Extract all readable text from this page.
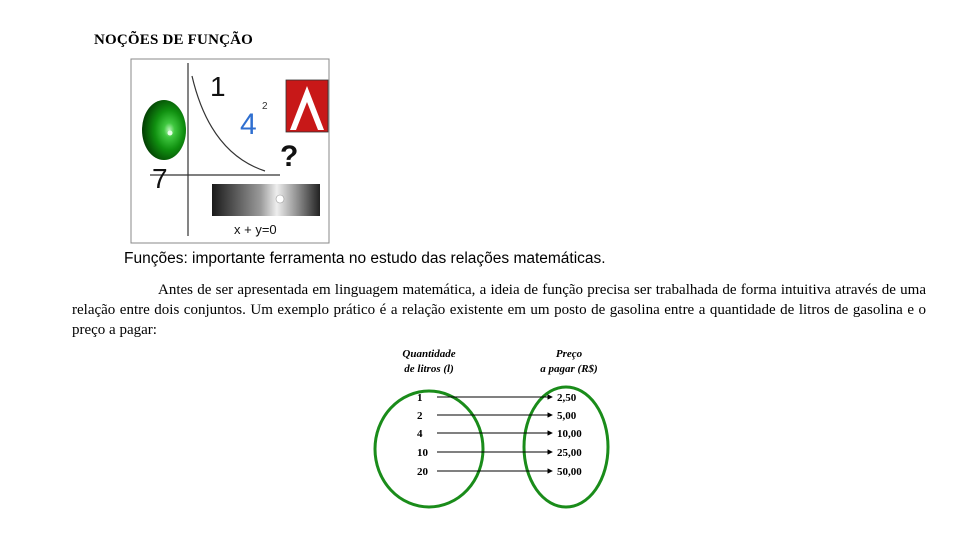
NOÇÕES DE FUNÇÃO
1
4
2
?
7
x + y=0
Funções: importante ferramenta no estudo das relações matemáticas.
Antes de ser apresentada em linguagem matemática, a ideia de função precisa ser trabalhada de forma intuitiva através de uma relação entre dois conjuntos. Um exemplo prático é a relação existente em um posto de gasolina entre a quantidade de litros de gasolina e o preço a pagar:
Quantidade
de litros (l)
Preço
a pagar (R$)
1	2,50
2	5,00
4	10,00
10	25,00
20	50,00
